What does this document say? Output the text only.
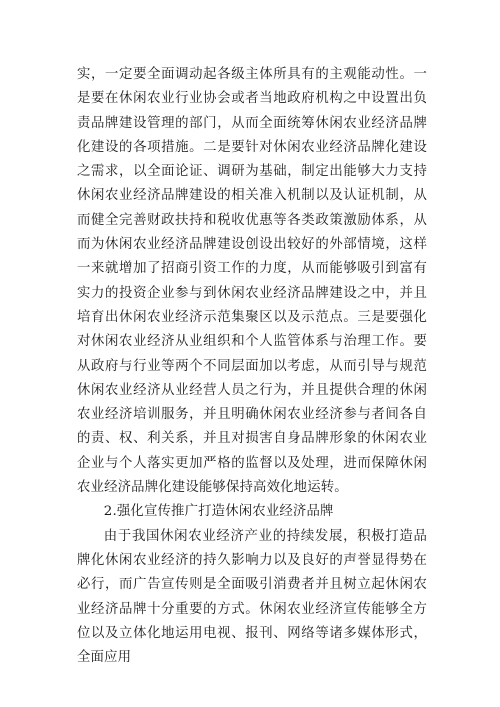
实，一定要全面调动起各级主体所具有的主观能动性。一是要在休闲农业行业协会或者当地政府机构之中设置出负责品牌建设管理的部门，从而全面统筹休闲农业经济品牌化建设的各项措施。二是要针对休闲农业经济品牌化建设之需求，以全面论证、调研为基础，制定出能够大力支持休闲农业经济品牌建设的相关准入机制以及认证机制，从而健全完善财政扶持和税收优惠等各类政策激励体系，从而为休闲农业经济品牌建设创设出较好的外部情境，这样一来就增加了招商引资工作的力度，从而能够吸引到富有实力的投资企业参与到休闲农业经济品牌建设之中，并且培育出休闲农业经济示范集聚区以及示范点。三是要强化对休闲农业经济从业组织和个人监管体系与治理工作。要从政府与行业等两个不同层面加以考虑，从而引导与规范休闲农业经济从业经营人员之行为，并且提供合理的休闲农业经济培训服务，并且明确休闲农业经济参与者间各自的责、权、利关系，并且对损害自身品牌形象的休闲农业企业与个人落实更加严格的监督以及处理，进而保障休闲农业经济品牌化建设能够保持高效化地运转。

2.强化宣传推广打造休闲农业经济品牌

由于我国休闲农业经济产业的持续发展，积极打造品牌化休闲农业经济的持久影响力以及良好的声誉显得势在必行，而广告宣传则是全面吸引消费者并且树立起休闲农业经济品牌十分重要的方式。休闲农业经济宣传能够全方位以及立体化地运用电视、报刊、网络等诸多媒体形式，全面应用
